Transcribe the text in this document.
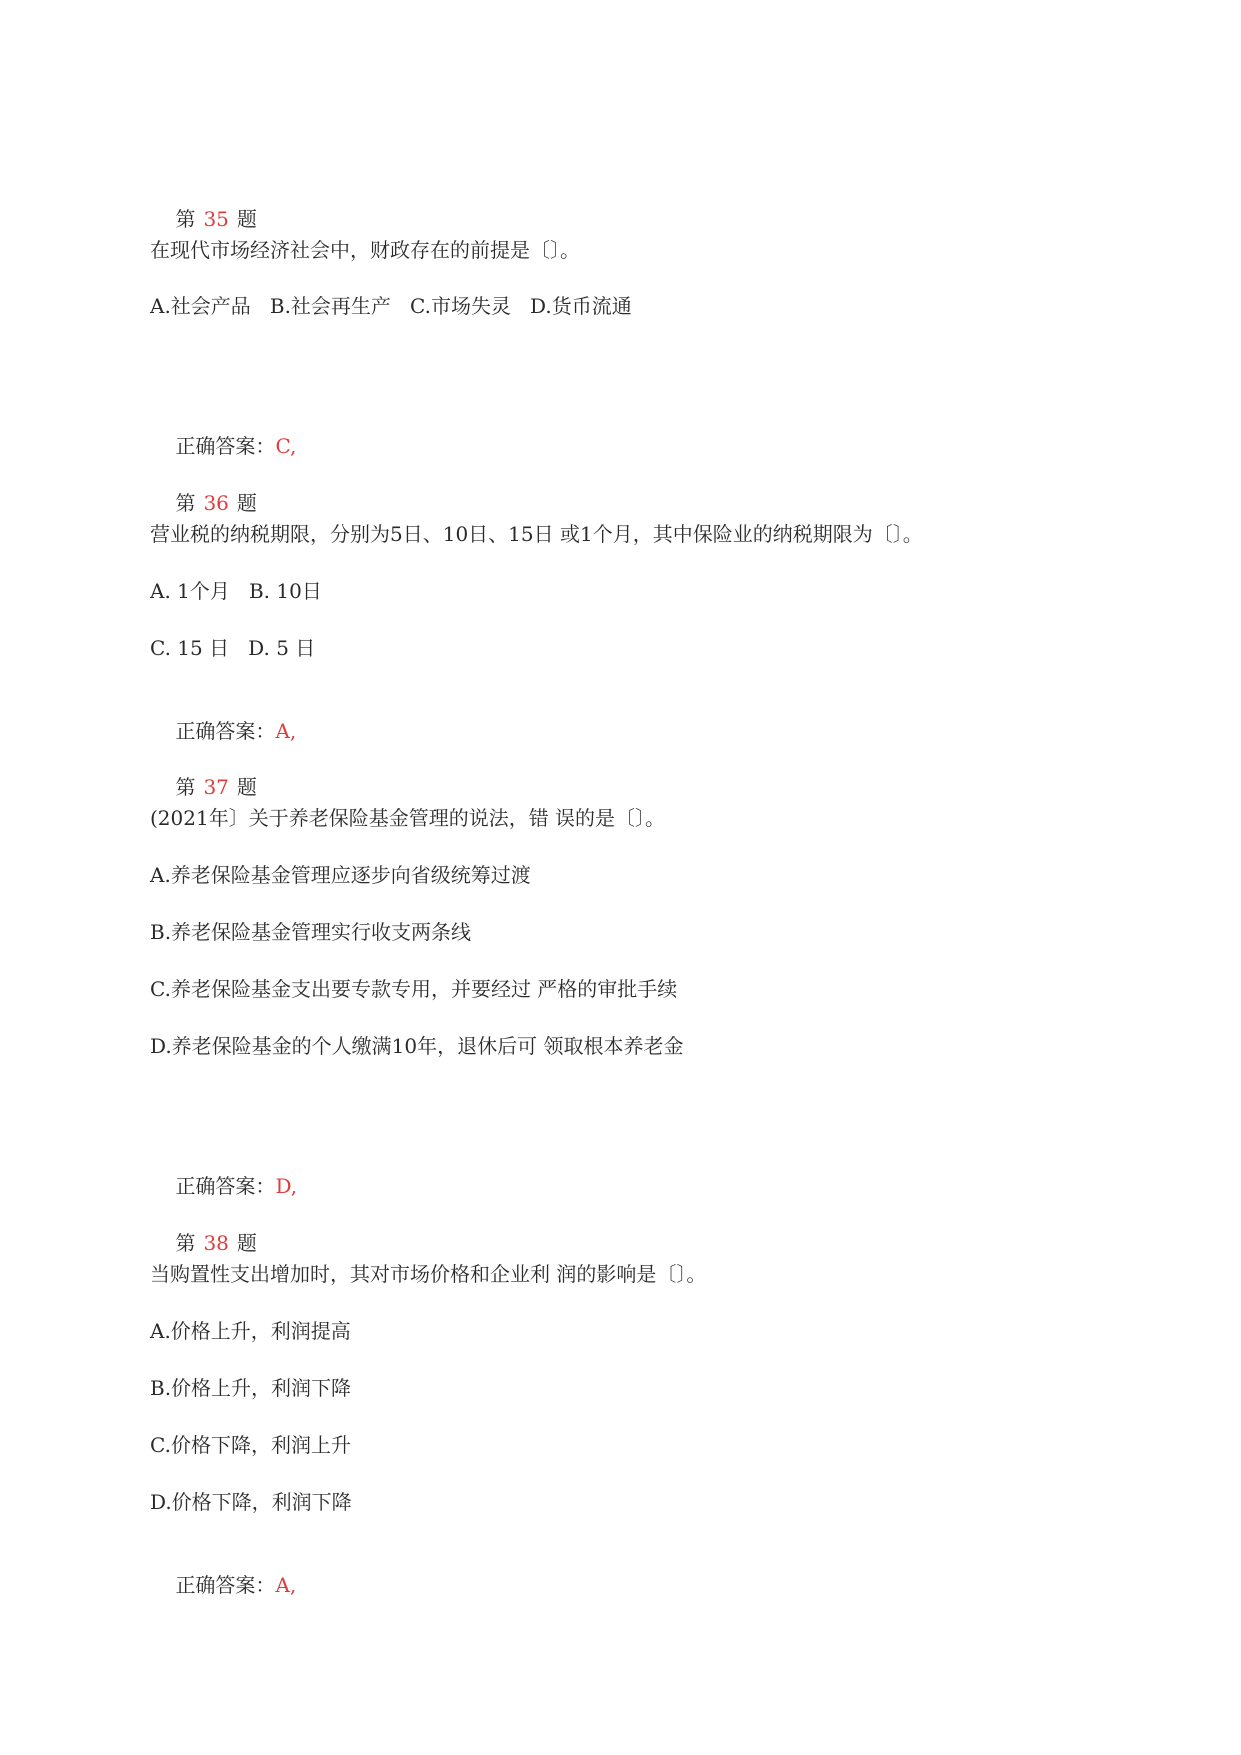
第 35 题

在现代市场经济社会中，财政存在的前提是〔〕。

A.社会产品   B.社会再生产   C.市场失灵   D.货币流通

正确答案：C,

第 36 题

营业税的纳税期限，分别为5日、10日、15日 或1个月，其中保险业的纳税期限为〔〕。

A. 1个月   B. 10日

C. 15 日   D. 5 日

正确答案：A,

第 37 题

(2021年〕关于养老保险基金管理的说法，错 误的是〔〕。

A.养老保险基金管理应逐步向省级统筹过渡

B.养老保险基金管理实行收支两条线

C.养老保险基金支出要专款专用，并要经过 严格的审批手续

D.养老保险基金的个人缴满10年，退休后可 领取根本养老金

正确答案：D,

第 38 题

当购置性支出增加时，其对市场价格和企业利 润的影响是〔〕。

A.价格上升，利润提高

B.价格上升，利润下降

C.价格下降，利润上升

D.价格下降，利润下降

正确答案：A,
